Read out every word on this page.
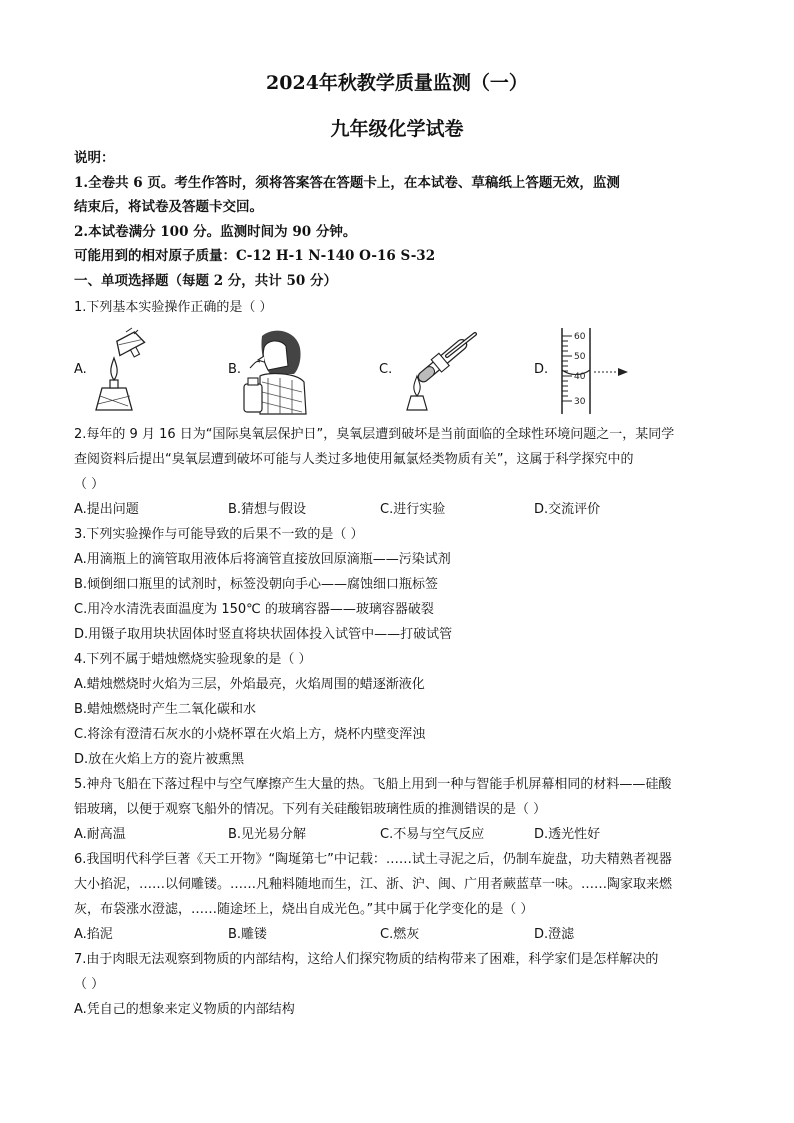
2024年秋教学质量监测（一）
九年级化学试卷
说明：
1.全卷共 6 页。考生作答时，须将答案答在答题卡上，在本试卷、草稿纸上答题无效，监测
结束后，将试卷及答题卡交回。
2.本试卷满分 100 分。监测时间为 90 分钟。
可能用到的相对原子质量：C-12 H-1 N-140 O-16 S-32
一、单项选择题（每题 2 分，共计 50 分）
1.下列基本实验操作正确的是（ ）
A.	B.	C.	D.
60
50
40
30
2.每年的 9 月 16 日为“国际臭氧层保护日”，臭氧层遭到破坏是当前面临的全球性环境问题之一，某同学
查阅资料后提出“臭氧层遭到破坏可能与人类过多地使用氟氯烃类物质有关”，这属于科学探究中的
（ ）
A.提出问题	B.猜想与假设	C.进行实验	D.交流评价
3.下列实验操作与可能导致的后果不一致的是（ ）
A.用滴瓶上的滴管取用液体后将滴管直接放回原滴瓶——污染试剂
B.倾倒细口瓶里的试剂时，标签没朝向手心——腐蚀细口瓶标签
C.用冷水清洗表面温度为 150℃ 的玻璃容器——玻璃容器破裂
D.用镊子取用块状固体时竖直将块状固体投入试管中——打破试管
4.下列不属于蜡烛燃烧实验现象的是（ ）
A.蜡烛燃烧时火焰为三层，外焰最亮，火焰周围的蜡逐渐液化
B.蜡烛燃烧时产生二氧化碳和水
C.将涂有澄清石灰水的小烧杯罩在火焰上方，烧杯内壁变浑浊
D.放在火焰上方的瓷片被熏黑
5.神舟飞船在下落过程中与空气摩擦产生大量的热。飞船上用到一种与智能手机屏幕相同的材料——硅酸
铝玻璃，以便于观察飞船外的情况。下列有关硅酸铝玻璃性质的推测错误的是（ ）
A.耐高温	B.见光易分解	C.不易与空气反应	D.透光性好
6.我国明代科学巨著《天工开物》“陶埏第七”中记载：……试土寻泥之后，仍制车旋盘，功夫精熟者视器
大小掐泥，……以伺雕镂。……凡釉料随地而生，江、浙、沪、闽、广用者蕨蓝草一味。……陶家取来燃
灰，布袋涨水澄滤，……随途坯上，烧出自成光色。”其中属于化学变化的是（ ）
A.掐泥	B.雕镂	C.燃灰	D.澄滤
7.由于肉眼无法观察到物质的内部结构，这给人们探究物质的结构带来了困难，科学家们是怎样解决的
（ ）
A.凭自己的想象来定义物质的内部结构
